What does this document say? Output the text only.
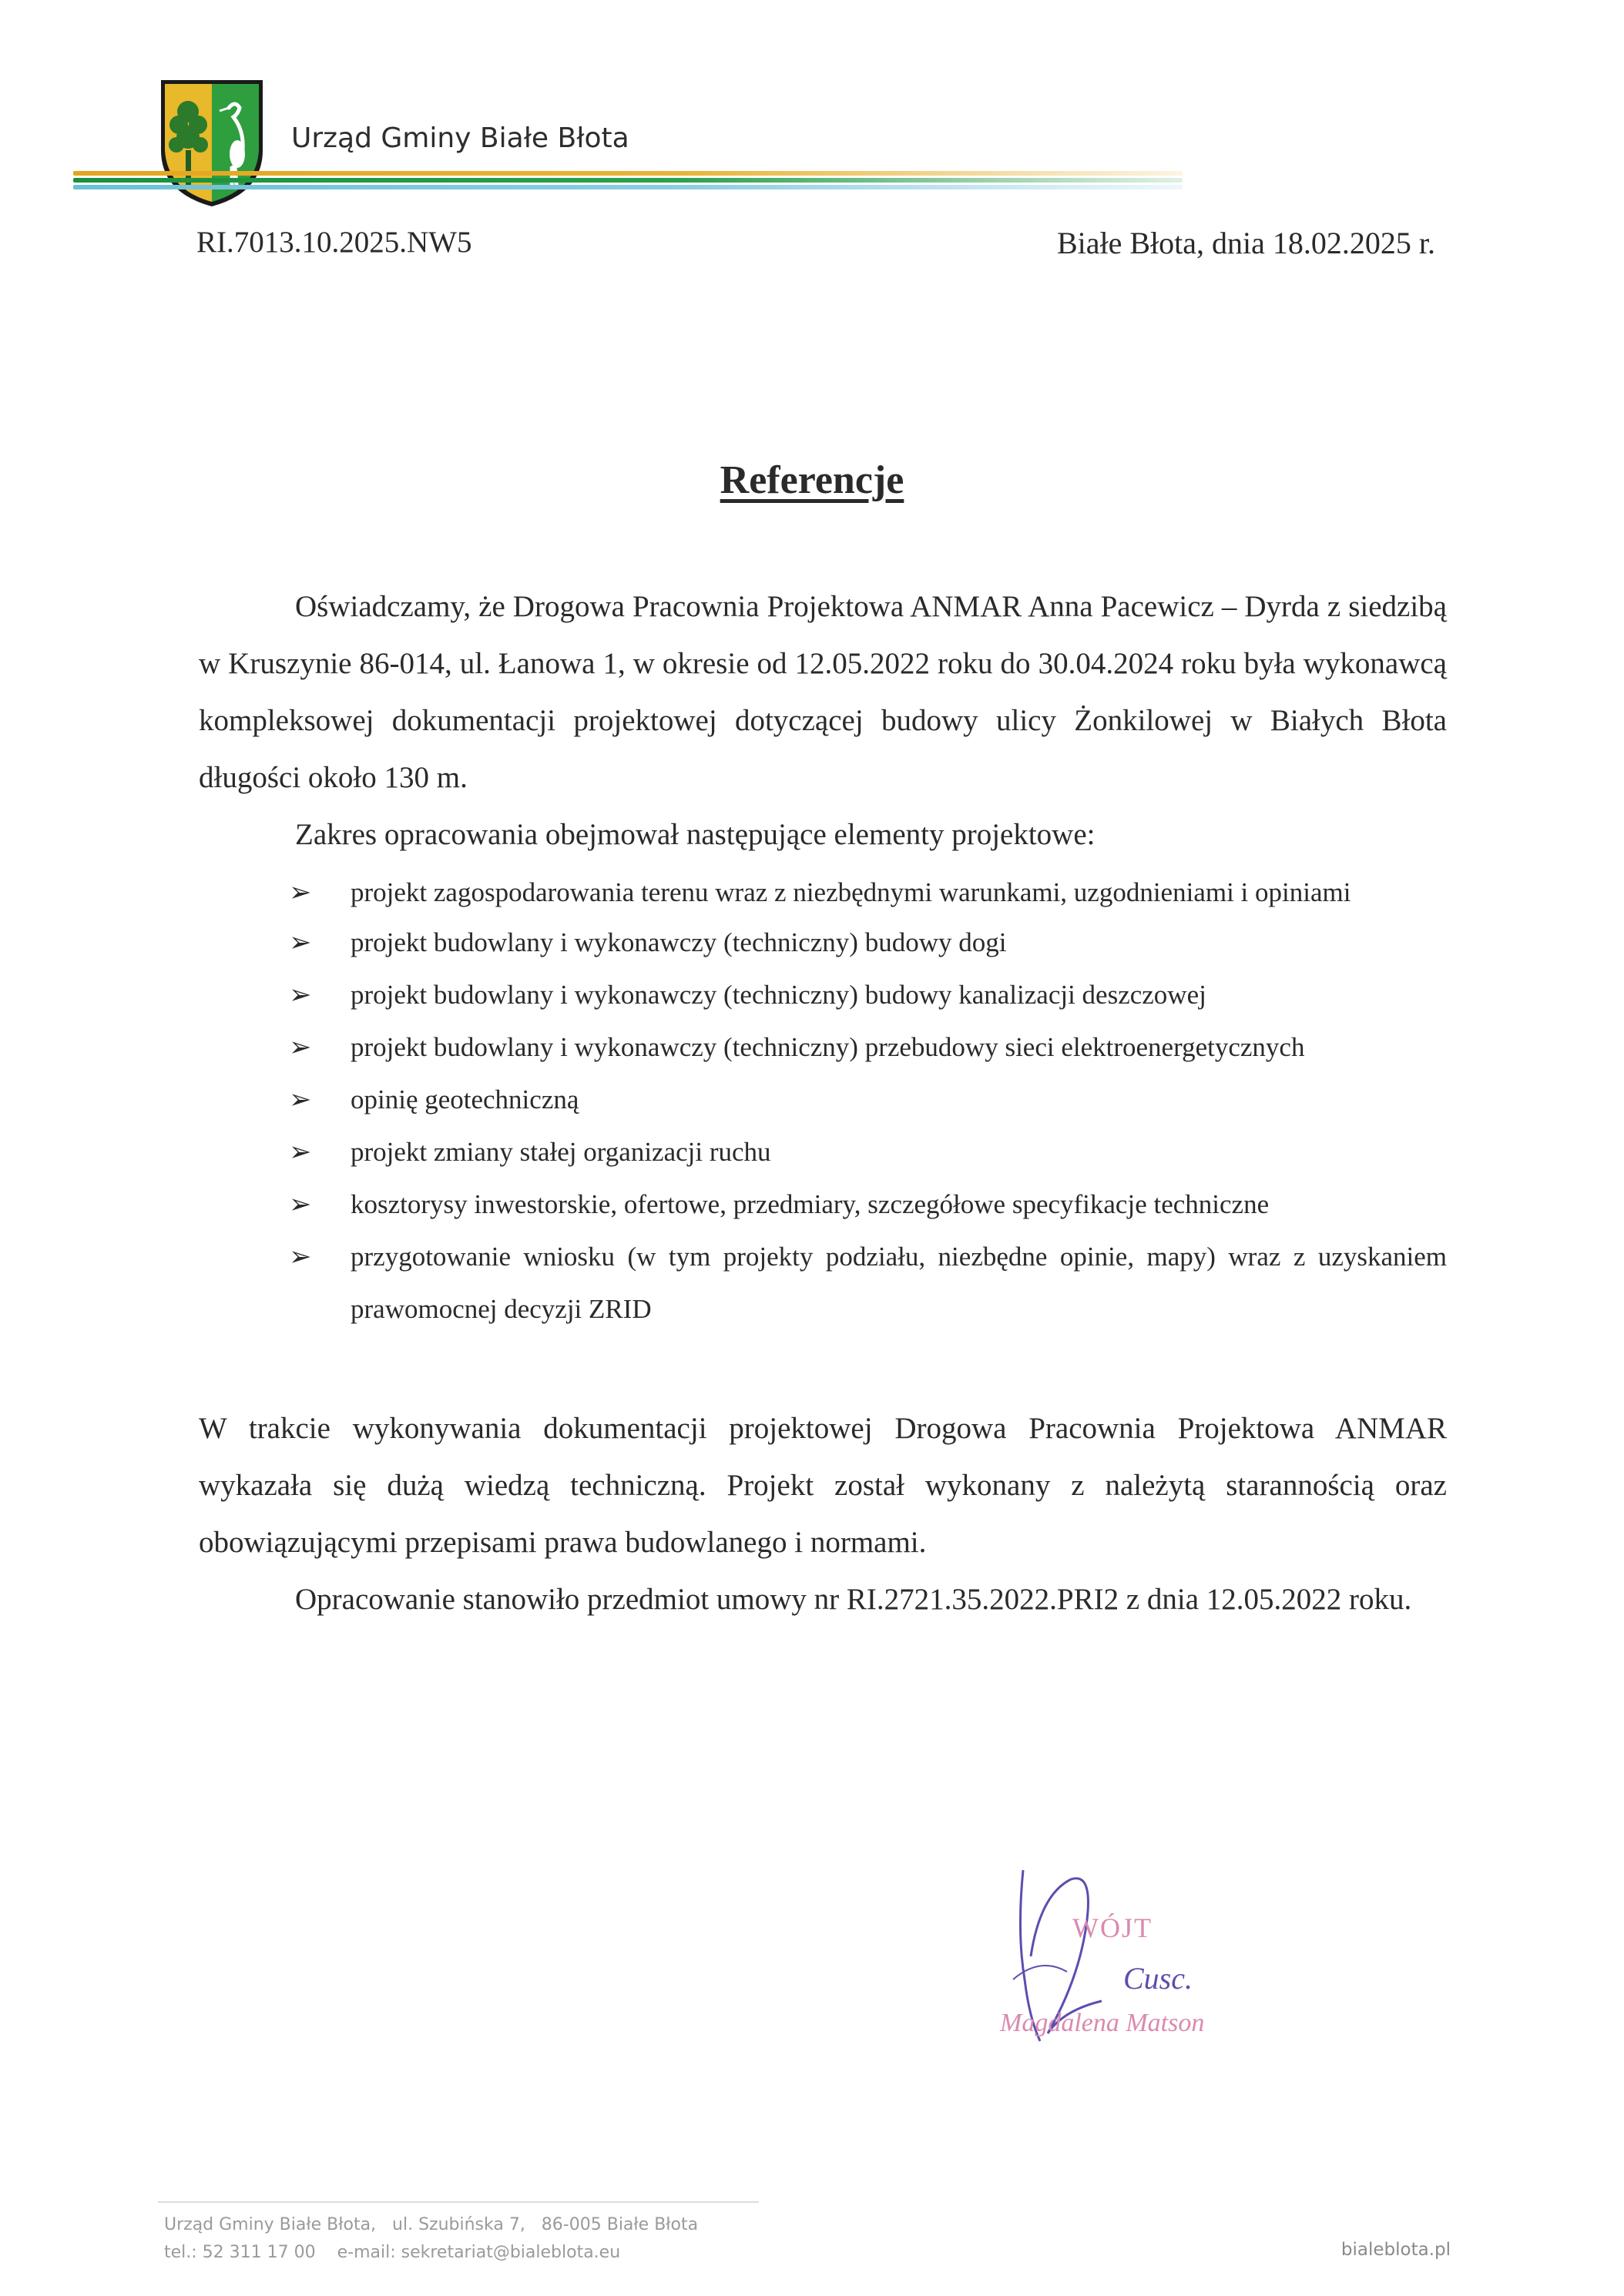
Urząd Gminy Białe Błota
RI.7013.10.2025.NW5	Białe Błota, dnia 18.02.2025 r.
Referencje

Oświadczamy, że Drogowa Pracownia Projektowa ANMAR Anna Pacewicz – Dyrda z siedzibą w Kruszynie 86-014, ul. Łanowa 1, w okresie od 12.05.2022 roku do 30.04.2024 roku była wykonawcą kompleksowej dokumentacji projektowej dotyczącej budowy ulicy Żonkilowej w Białych Błota długości około 130 m.

Zakres opracowania obejmował następujące elementy projektowe:

➢ projekt zagospodarowania terenu wraz z niezbędnymi warunkami, uzgodnieniami i opiniami
➢ projekt budowlany i wykonawczy (techniczny) budowy dogi
➢ projekt budowlany i wykonawczy (techniczny) budowy kanalizacji deszczowej
➢ projekt budowlany i wykonawczy (techniczny) przebudowy sieci elektroenergetycznych
➢ opinię geotechniczną
➢ projekt zmiany stałej organizacji ruchu
➢ kosztorysy inwestorskie, ofertowe, przedmiary, szczegółowe specyfikacje techniczne
➢ przygotowanie wniosku (w tym projekty podziału, niezbędne opinie, mapy) wraz z uzyskaniem prawomocnej decyzji ZRID

W trakcie wykonywania dokumentacji projektowej Drogowa Pracownia Projektowa ANMAR wykazała się dużą wiedzą techniczną. Projekt został wykonany z należytą starannością oraz obowiązującymi przepisami prawa budowlanego i normami.

Opracowanie stanowiło przedmiot umowy nr RI.2721.35.2022.PRI2 z dnia 12.05.2022 roku.

WÓJT
Cusc.
Magdalena Matson
Urząd Gminy Białe Błota,   ul. Szubińska 7,   86-005 Białe Błota
tel.: 52 311 17 00    e-mail: sekretariat@bialeblota.eu	bialeblota.pl
